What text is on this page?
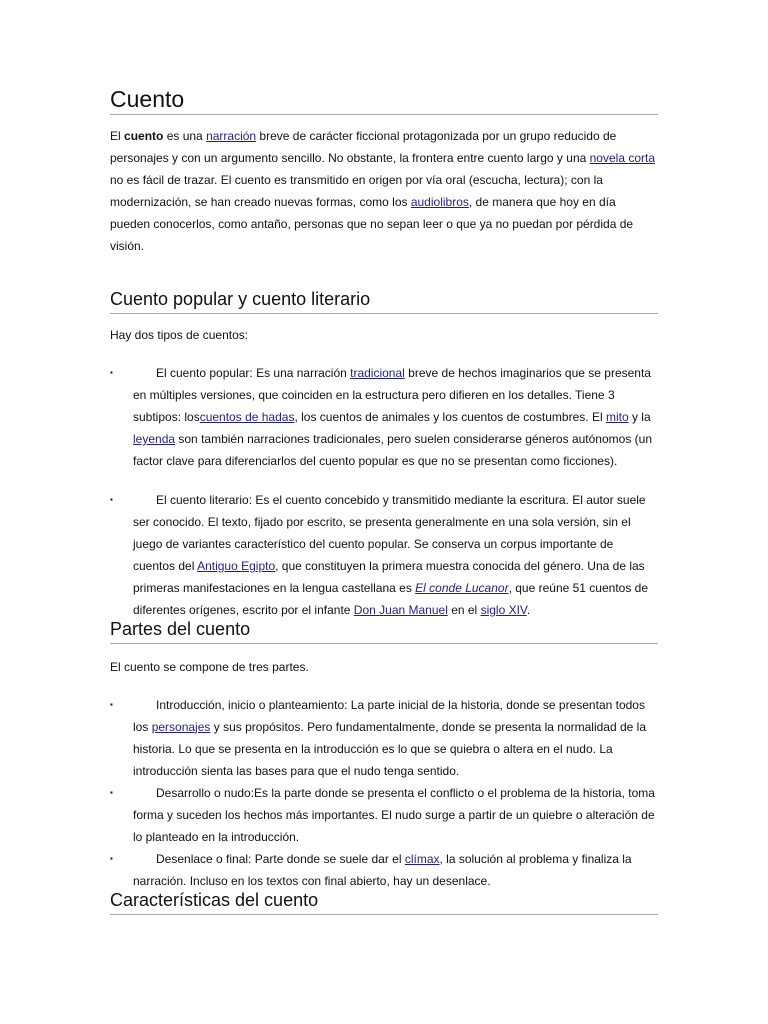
Cuento

El cuento es una narración breve de carácter ficcional protagonizada por un grupo reducido de personajes y con un argumento sencillo. No obstante, la frontera entre cuento largo y una novela corta no es fácil de trazar. El cuento es transmitido en origen por vía oral (escucha, lectura); con la modernización, se han creado nuevas formas, como los audiolibros, de manera que hoy en día pueden conocerlos, como antaño, personas que no sepan leer o que ya no puedan por pérdida de visión.

Cuento popular y cuento literario

Hay dos tipos de cuentos:

▪	El cuento popular: Es una narración tradicional breve de hechos imaginarios que se presenta en múltiples versiones, que coinciden en la estructura pero difieren en los detalles. Tiene 3 subtipos: loscuentos de hadas, los cuentos de animales y los cuentos de costumbres. El mito y la leyenda son también narraciones tradicionales, pero suelen considerarse géneros autónomos (un factor clave para diferenciarlos del cuento popular es que no se presentan como ficciones).
▪	El cuento literario: Es el cuento concebido y transmitido mediante la escritura. El autor suele ser conocido. El texto, fijado por escrito, se presenta generalmente en una sola versión, sin el juego de variantes característico del cuento popular. Se conserva un corpus importante de cuentos del Antiguo Egipto, que constituyen la primera muestra conocida del género. Una de las primeras manifestaciones en la lengua castellana es El conde Lucanor, que reúne 51 cuentos de diferentes orígenes, escrito por el infante Don Juan Manuel en el siglo XIV.
Partes del cuento

El cuento se compone de tres partes.

▪	Introducción, inicio o planteamiento: La parte inicial de la historia, donde se presentan todos los personajes y sus propósitos. Pero fundamentalmente, donde se presenta la normalidad de la historia. Lo que se presenta en la introducción es lo que se quiebra o altera en el nudo. La introducción sienta las bases para que el nudo tenga sentido.
▪	Desarrollo o nudo:Es la parte donde se presenta el conflicto o el problema de la historia, toma forma y suceden los hechos más importantes. El nudo surge a partir de un quiebre o alteración de lo planteado en la introducción.
▪	Desenlace o final: Parte donde se suele dar el clímax, la solución al problema y finaliza la narración. Incluso en los textos con final abierto, hay un desenlace.
Características del cuento
